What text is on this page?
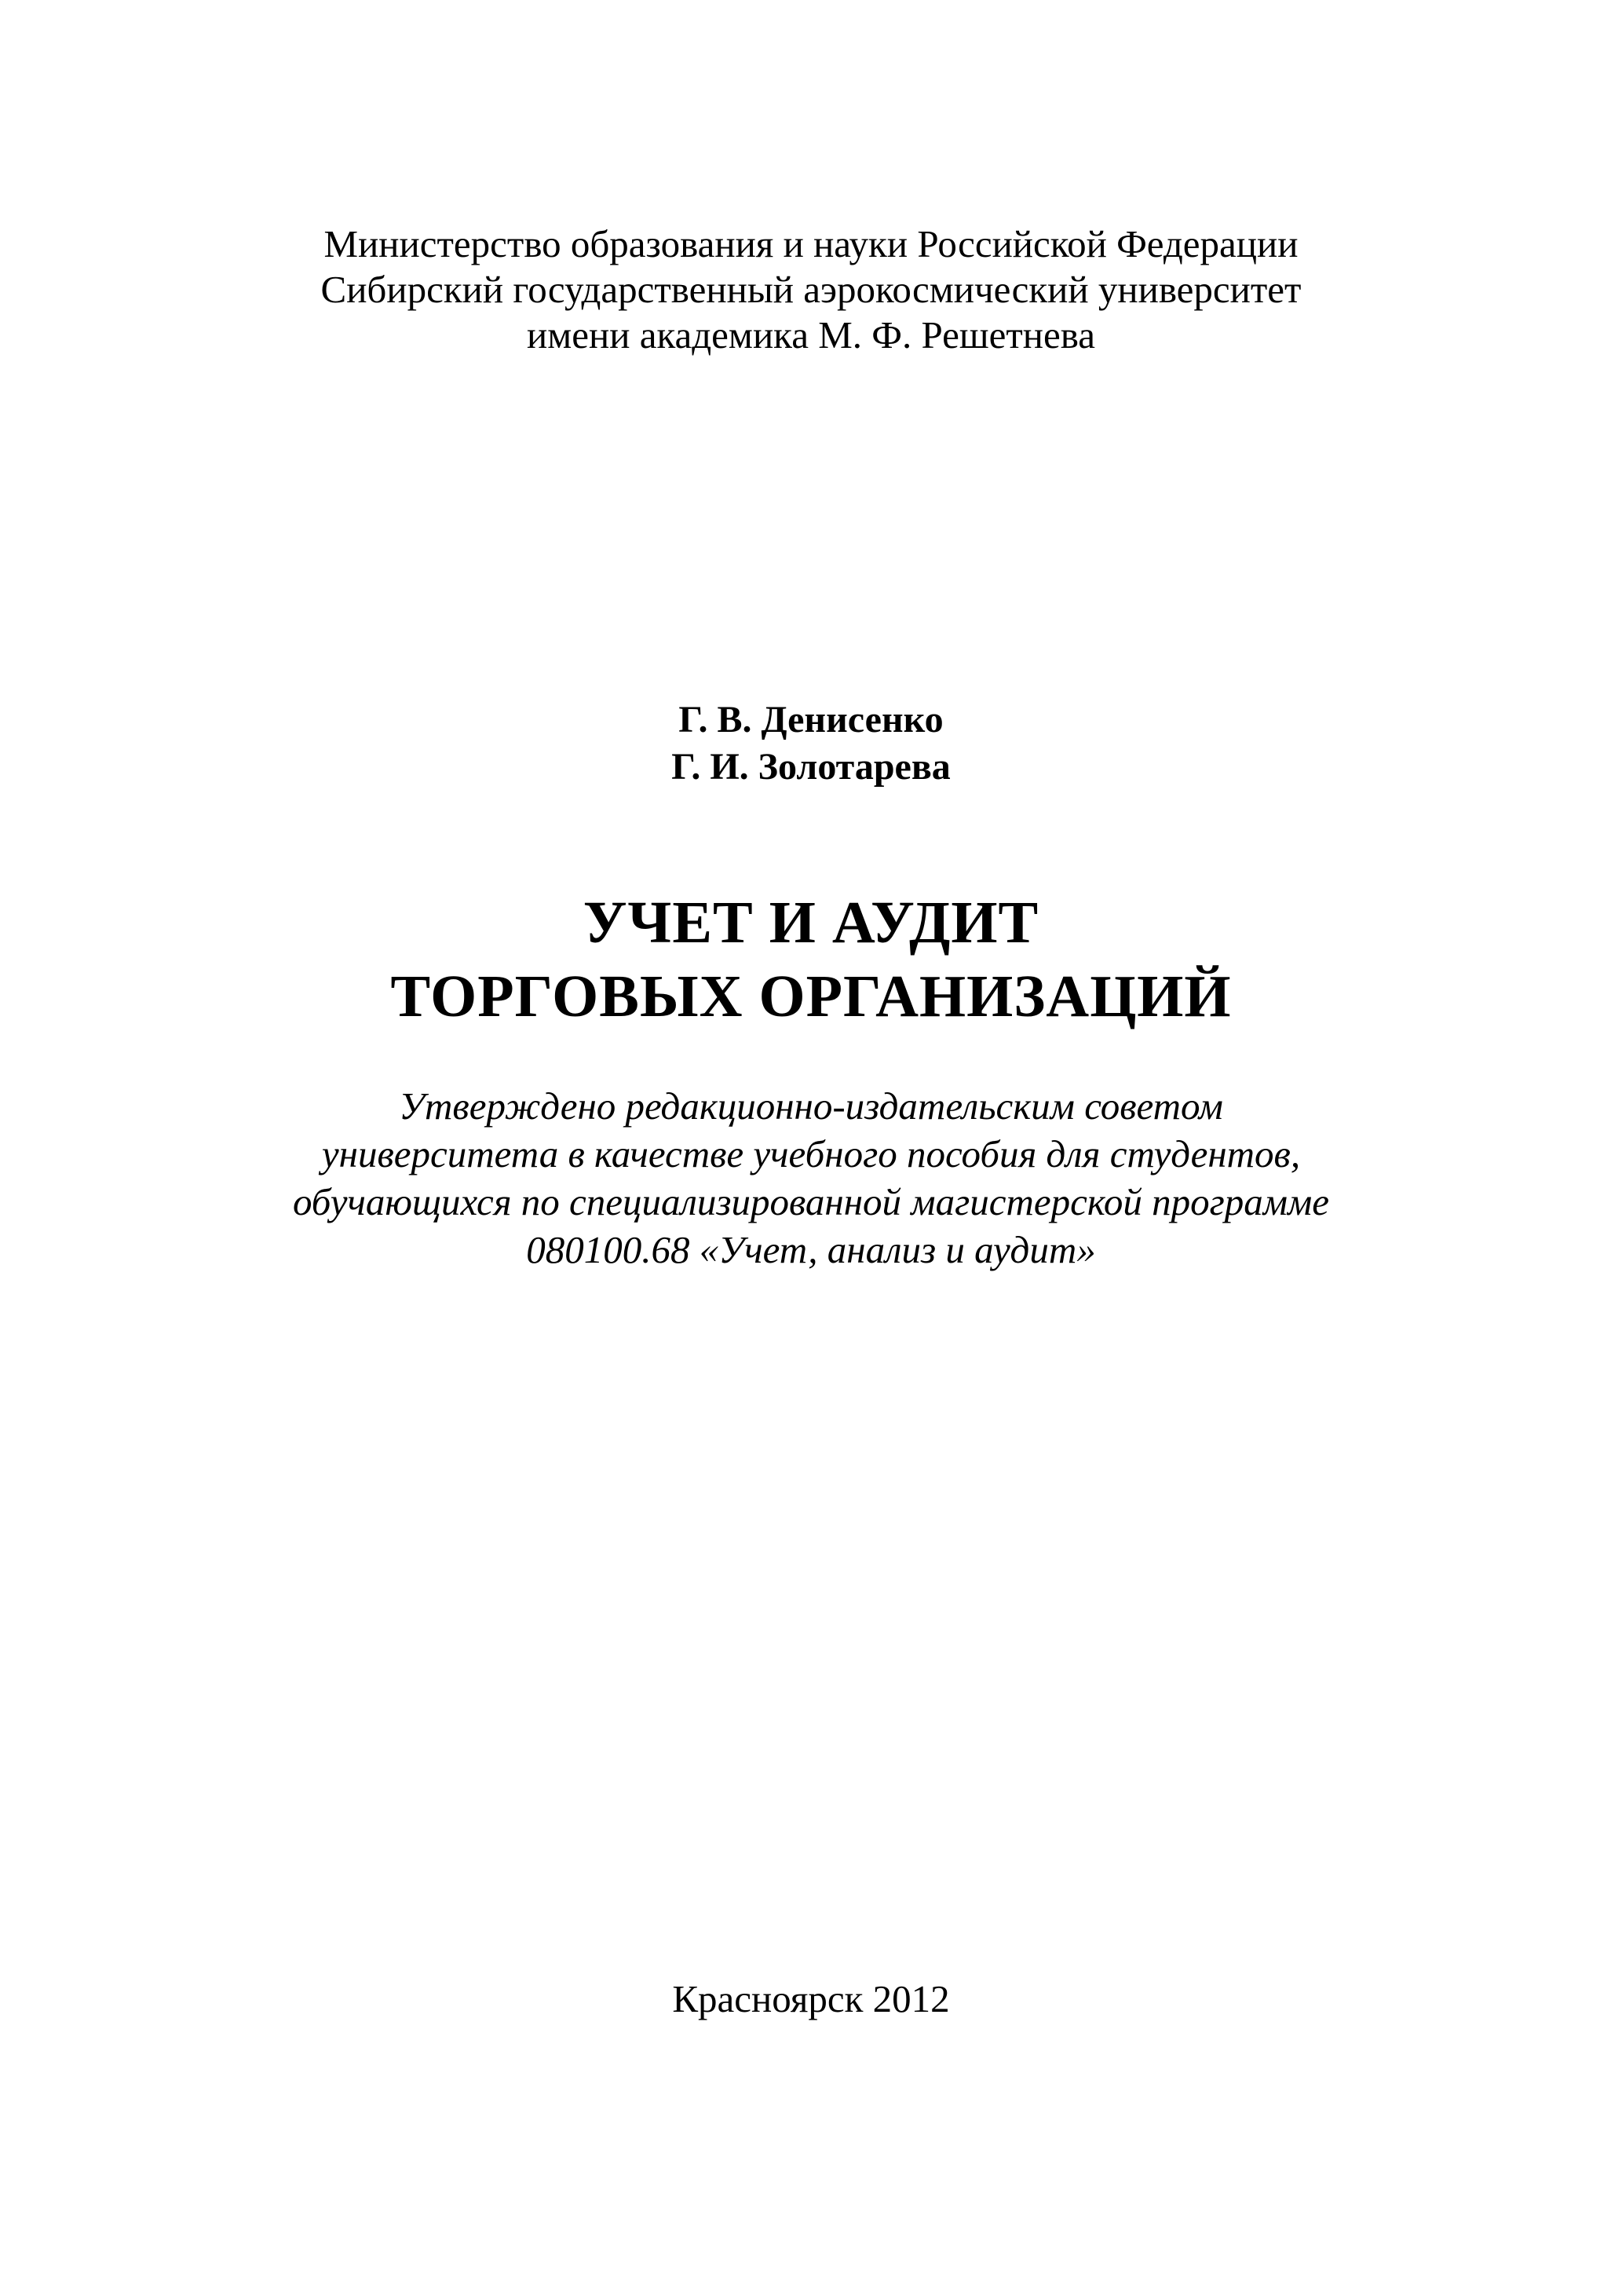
Министерство образования и науки Российской Федерации
Сибирский государственный аэрокосмический университет
имени академика М. Ф. Решетнева
Г. В. Денисенко
Г. И. Золотарева
УЧЕТ И АУДИТ
ТОРГОВЫХ ОРГАНИЗАЦИЙ
Утверждено редакционно-издательским советом
университета в качестве учебного пособия для студентов,
обучающихся по специализированной магистерской программе
080100.68 «Учет, анализ и аудит»
Красноярск 2012
